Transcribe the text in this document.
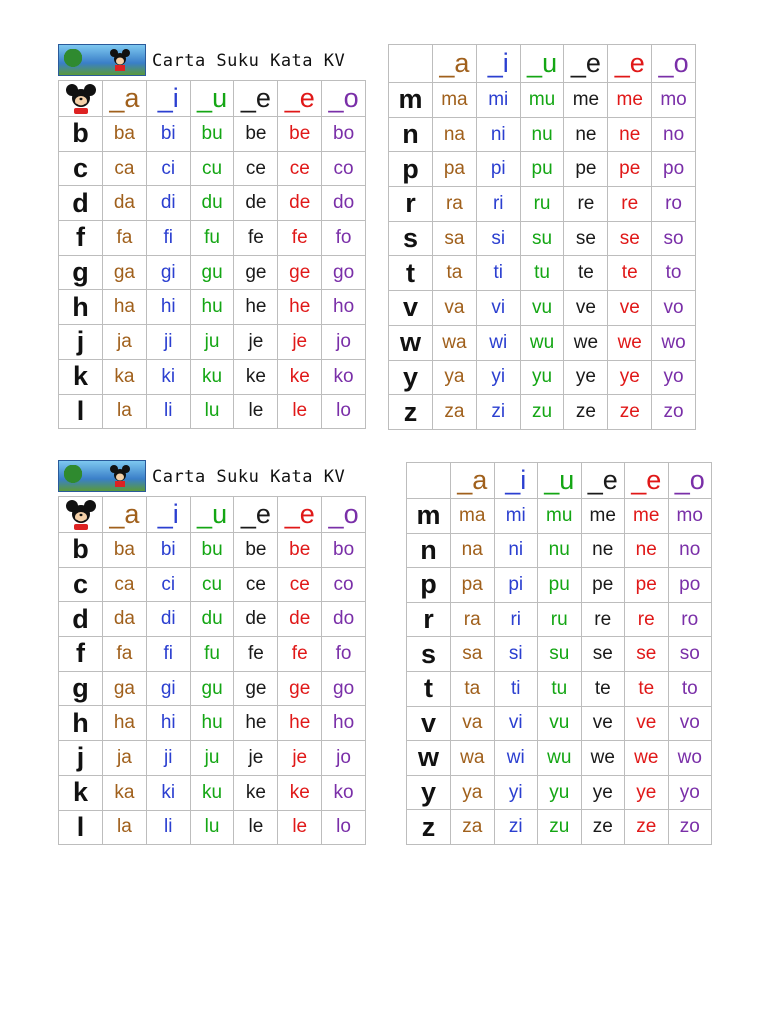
Carta Suku Kata KV
	_a	_i	_u	_e	_e	_o
b	ba	bi	bu	be	be	bo
c	ca	ci	cu	ce	ce	co
d	da	di	du	de	de	do
f	fa	fi	fu	fe	fe	fo
g	ga	gi	gu	ge	ge	go
h	ha	hi	hu	he	he	ho
j	ja	ji	ju	je	je	jo
k	ka	ki	ku	ke	ke	ko
l	la	li	lu	le	le	lo
	_a	_i	_u	_e	_e	_o
m	ma	mi	mu	me	me	mo
n	na	ni	nu	ne	ne	no
p	pa	pi	pu	pe	pe	po
r	ra	ri	ru	re	re	ro
s	sa	si	su	se	se	so
t	ta	ti	tu	te	te	to
v	va	vi	vu	ve	ve	vo
w	wa	wi	wu	we	we	wo
y	ya	yi	yu	ye	ye	yo
z	za	zi	zu	ze	ze	zo
Carta Suku Kata KV
	_a	_i	_u	_e	_e	_o
b	ba	bi	bu	be	be	bo
c	ca	ci	cu	ce	ce	co
d	da	di	du	de	de	do
f	fa	fi	fu	fe	fe	fo
g	ga	gi	gu	ge	ge	go
h	ha	hi	hu	he	he	ho
j	ja	ji	ju	je	je	jo
k	ka	ki	ku	ke	ke	ko
l	la	li	lu	le	le	lo
	_a	_i	_u	_e	_e	_o
m	ma	mi	mu	me	me	mo
n	na	ni	nu	ne	ne	no
p	pa	pi	pu	pe	pe	po
r	ra	ri	ru	re	re	ro
s	sa	si	su	se	se	so
t	ta	ti	tu	te	te	to
v	va	vi	vu	ve	ve	vo
w	wa	wi	wu	we	we	wo
y	ya	yi	yu	ye	ye	yo
z	za	zi	zu	ze	ze	zo
